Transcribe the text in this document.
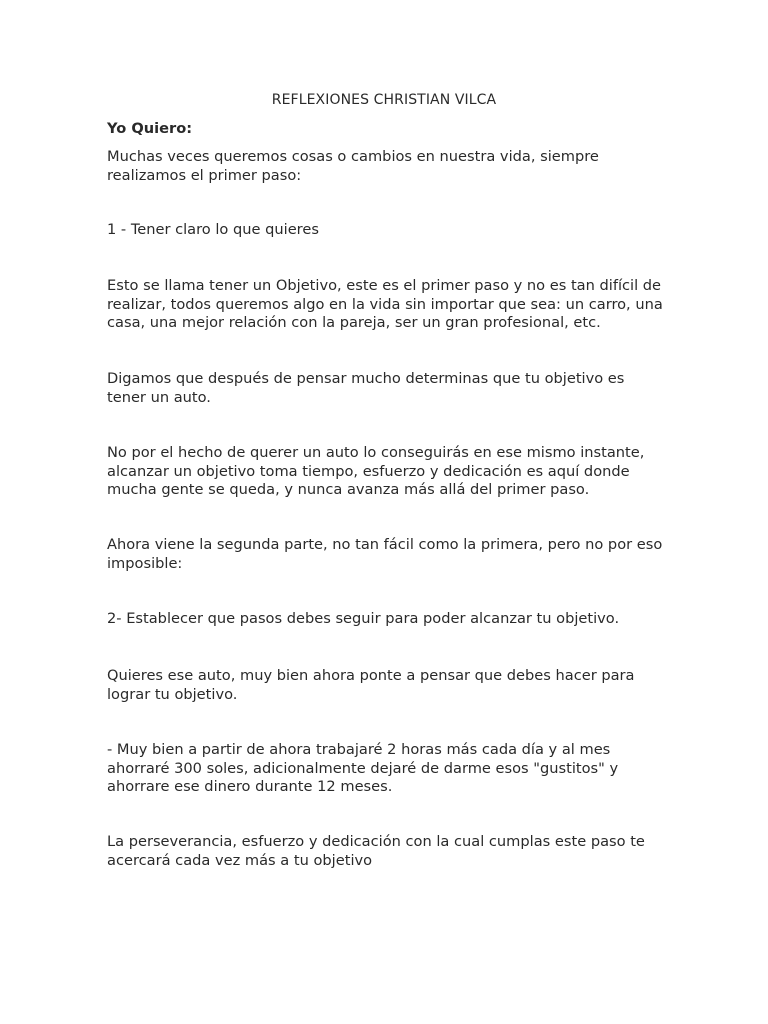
REFLEXIONES CHRISTIAN VILCA

Yo Quiero:

Muchas veces queremos cosas o cambios en nuestra vida, siempre realizamos el primer paso:

1 - Tener claro lo que quieres

Esto se llama tener un Objetivo, este es el primer paso y no es tan difícil de realizar, todos queremos algo en la vida sin importar que sea: un carro, una casa, una mejor relación con la pareja, ser un gran profesional, etc.

Digamos que después de pensar mucho determinas que tu objetivo es tener un auto.

No por el hecho de querer un auto lo conseguirás en ese mismo instante, alcanzar un objetivo toma tiempo, esfuerzo y dedicación es aquí donde mucha gente se queda, y nunca avanza más allá del primer paso.

Ahora viene la segunda parte, no tan fácil como la primera, pero no por eso imposible:

2- Establecer que pasos debes seguir para poder alcanzar tu objetivo.

Quieres ese auto, muy bien ahora ponte a pensar que debes hacer para lograr tu objetivo.

- Muy bien a partir de ahora trabajaré 2 horas más cada día y al mes ahorraré 300 soles, adicionalmente dejaré de darme esos "gustitos" y ahorrare ese dinero durante 12 meses.

La perseverancia, esfuerzo y dedicación con la cual cumplas este paso te acercará cada vez más a tu objetivo
